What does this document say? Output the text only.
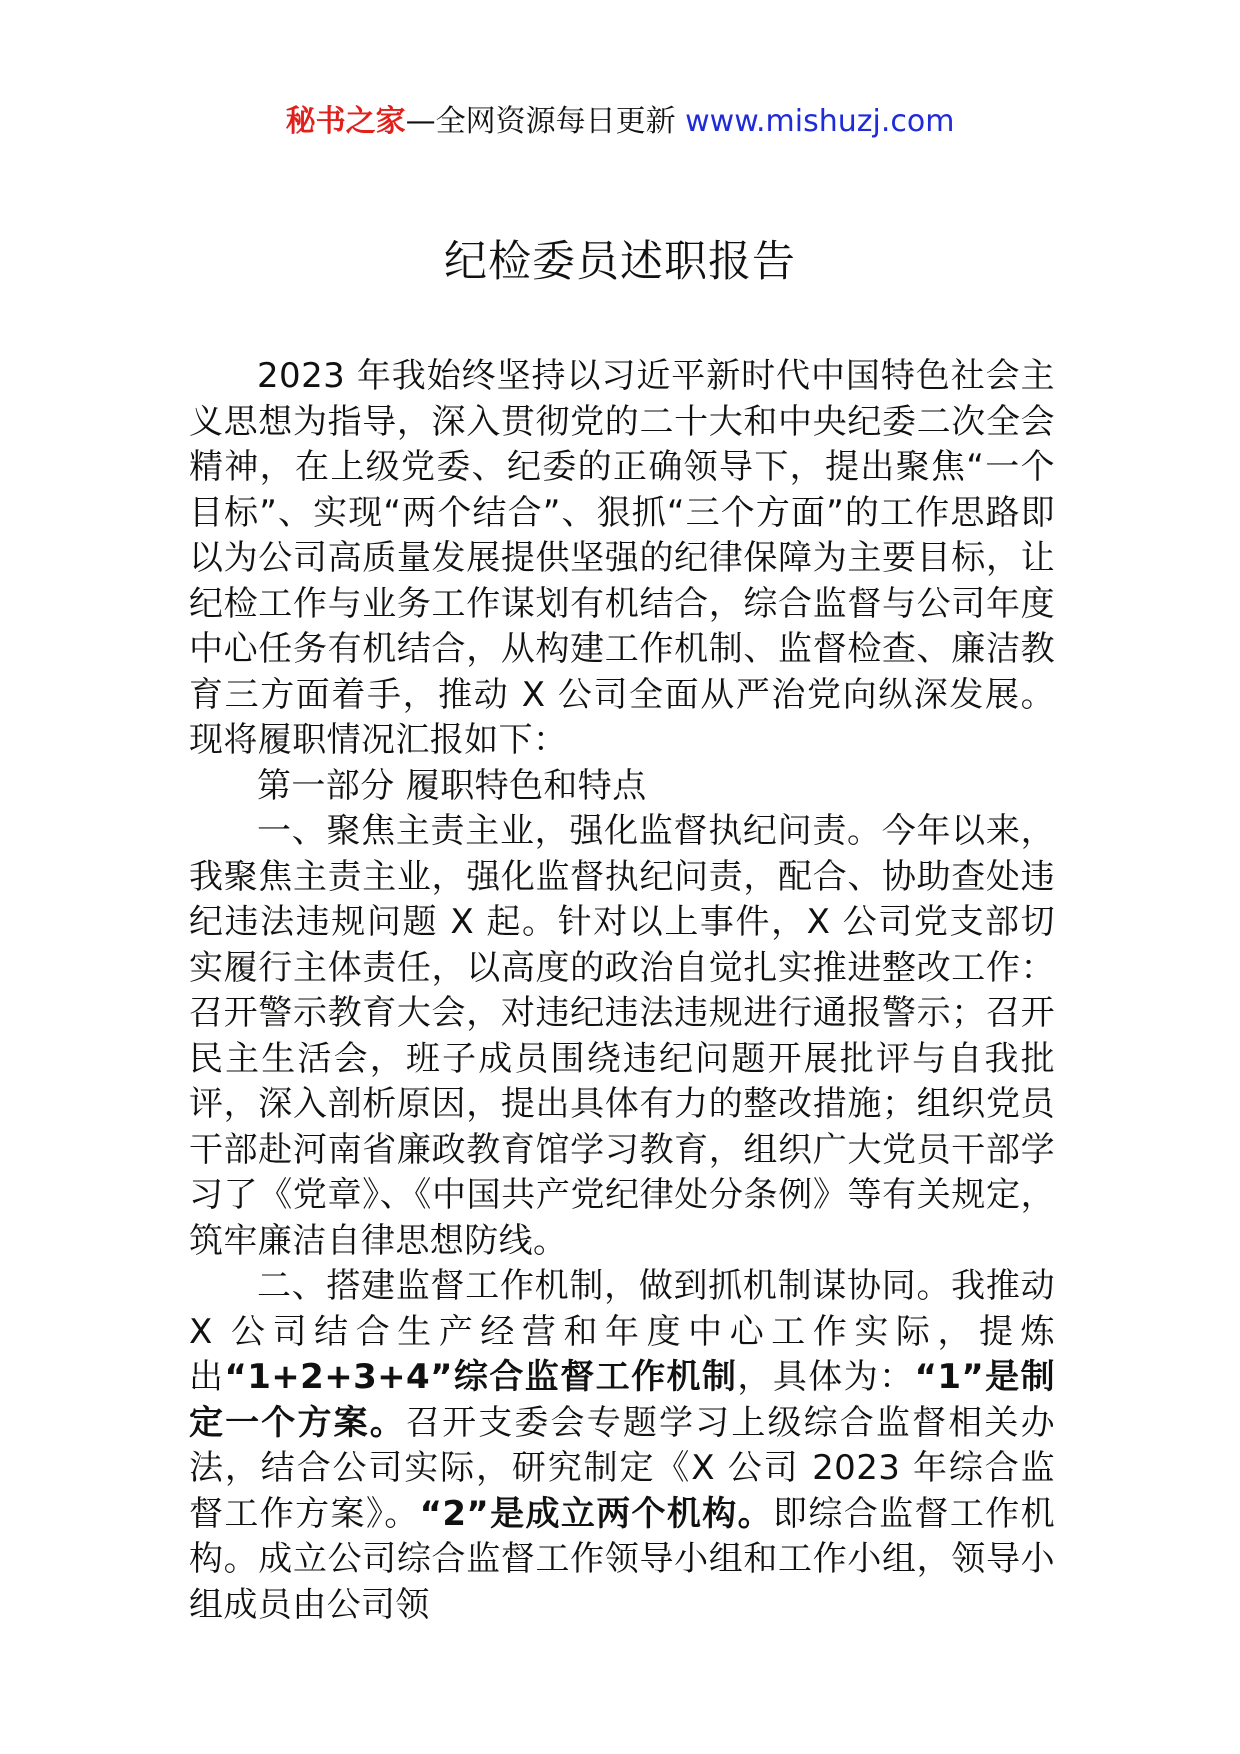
秘书之家—全网资源每日更新 www.mishuzj.com
纪检委员述职报告

2023 年我始终坚持以习近平新时代中国特色社会主义思想为指导，深入贯彻党的二十大和中央纪委二次全会精神，在上级党委、纪委的正确领导下，提出聚焦“一个目标”、实现“两个结合”、狠抓“三个方面”的工作思路即以为公司高质量发展提供坚强的纪律保障为主要目标，让纪检工作与业务工作谋划有机结合，综合监督与公司年度中心任务有机结合，从构建工作机制、监督检查、廉洁教育三方面着手，推动 X 公司全面从严治党向纵深发展。现将履职情况汇报如下：

第一部分 履职特色和特点

一、聚焦主责主业，强化监督执纪问责。今年以来，我聚焦主责主业，强化监督执纪问责，配合、协助查处违纪违法违规问题 X 起。针对以上事件，X 公司党支部切实履行主体责任，以高度的政治自觉扎实推进整改工作：召开警示教育大会，对违纪违法违规进行通报警示；召开民主生活会，班子成员围绕违纪问题开展批评与自我批评，深入剖析原因，提出具体有力的整改措施；组织党员干部赴河南省廉政教育馆学习教育，组织广大党员干部学习了《党章》、《中国共产党纪律处分条例》等有关规定，筑牢廉洁自律思想防线。

二、搭建监督工作机制，做到抓机制谋协同。我推动 X 公司结合生产经营和年度中心工作实际，提炼出“1+2+3+4”综合监督工作机制，具体为：“1”是制定一个方案。召开支委会专题学习上级综合监督相关办法，结合公司实际，研究制定《X 公司 2023 年综合监督工作方案》。“2”是成立两个机构。即综合监督工作机构。成立公司综合监督工作领导小组和工作小组，领导小组成员由公司领
